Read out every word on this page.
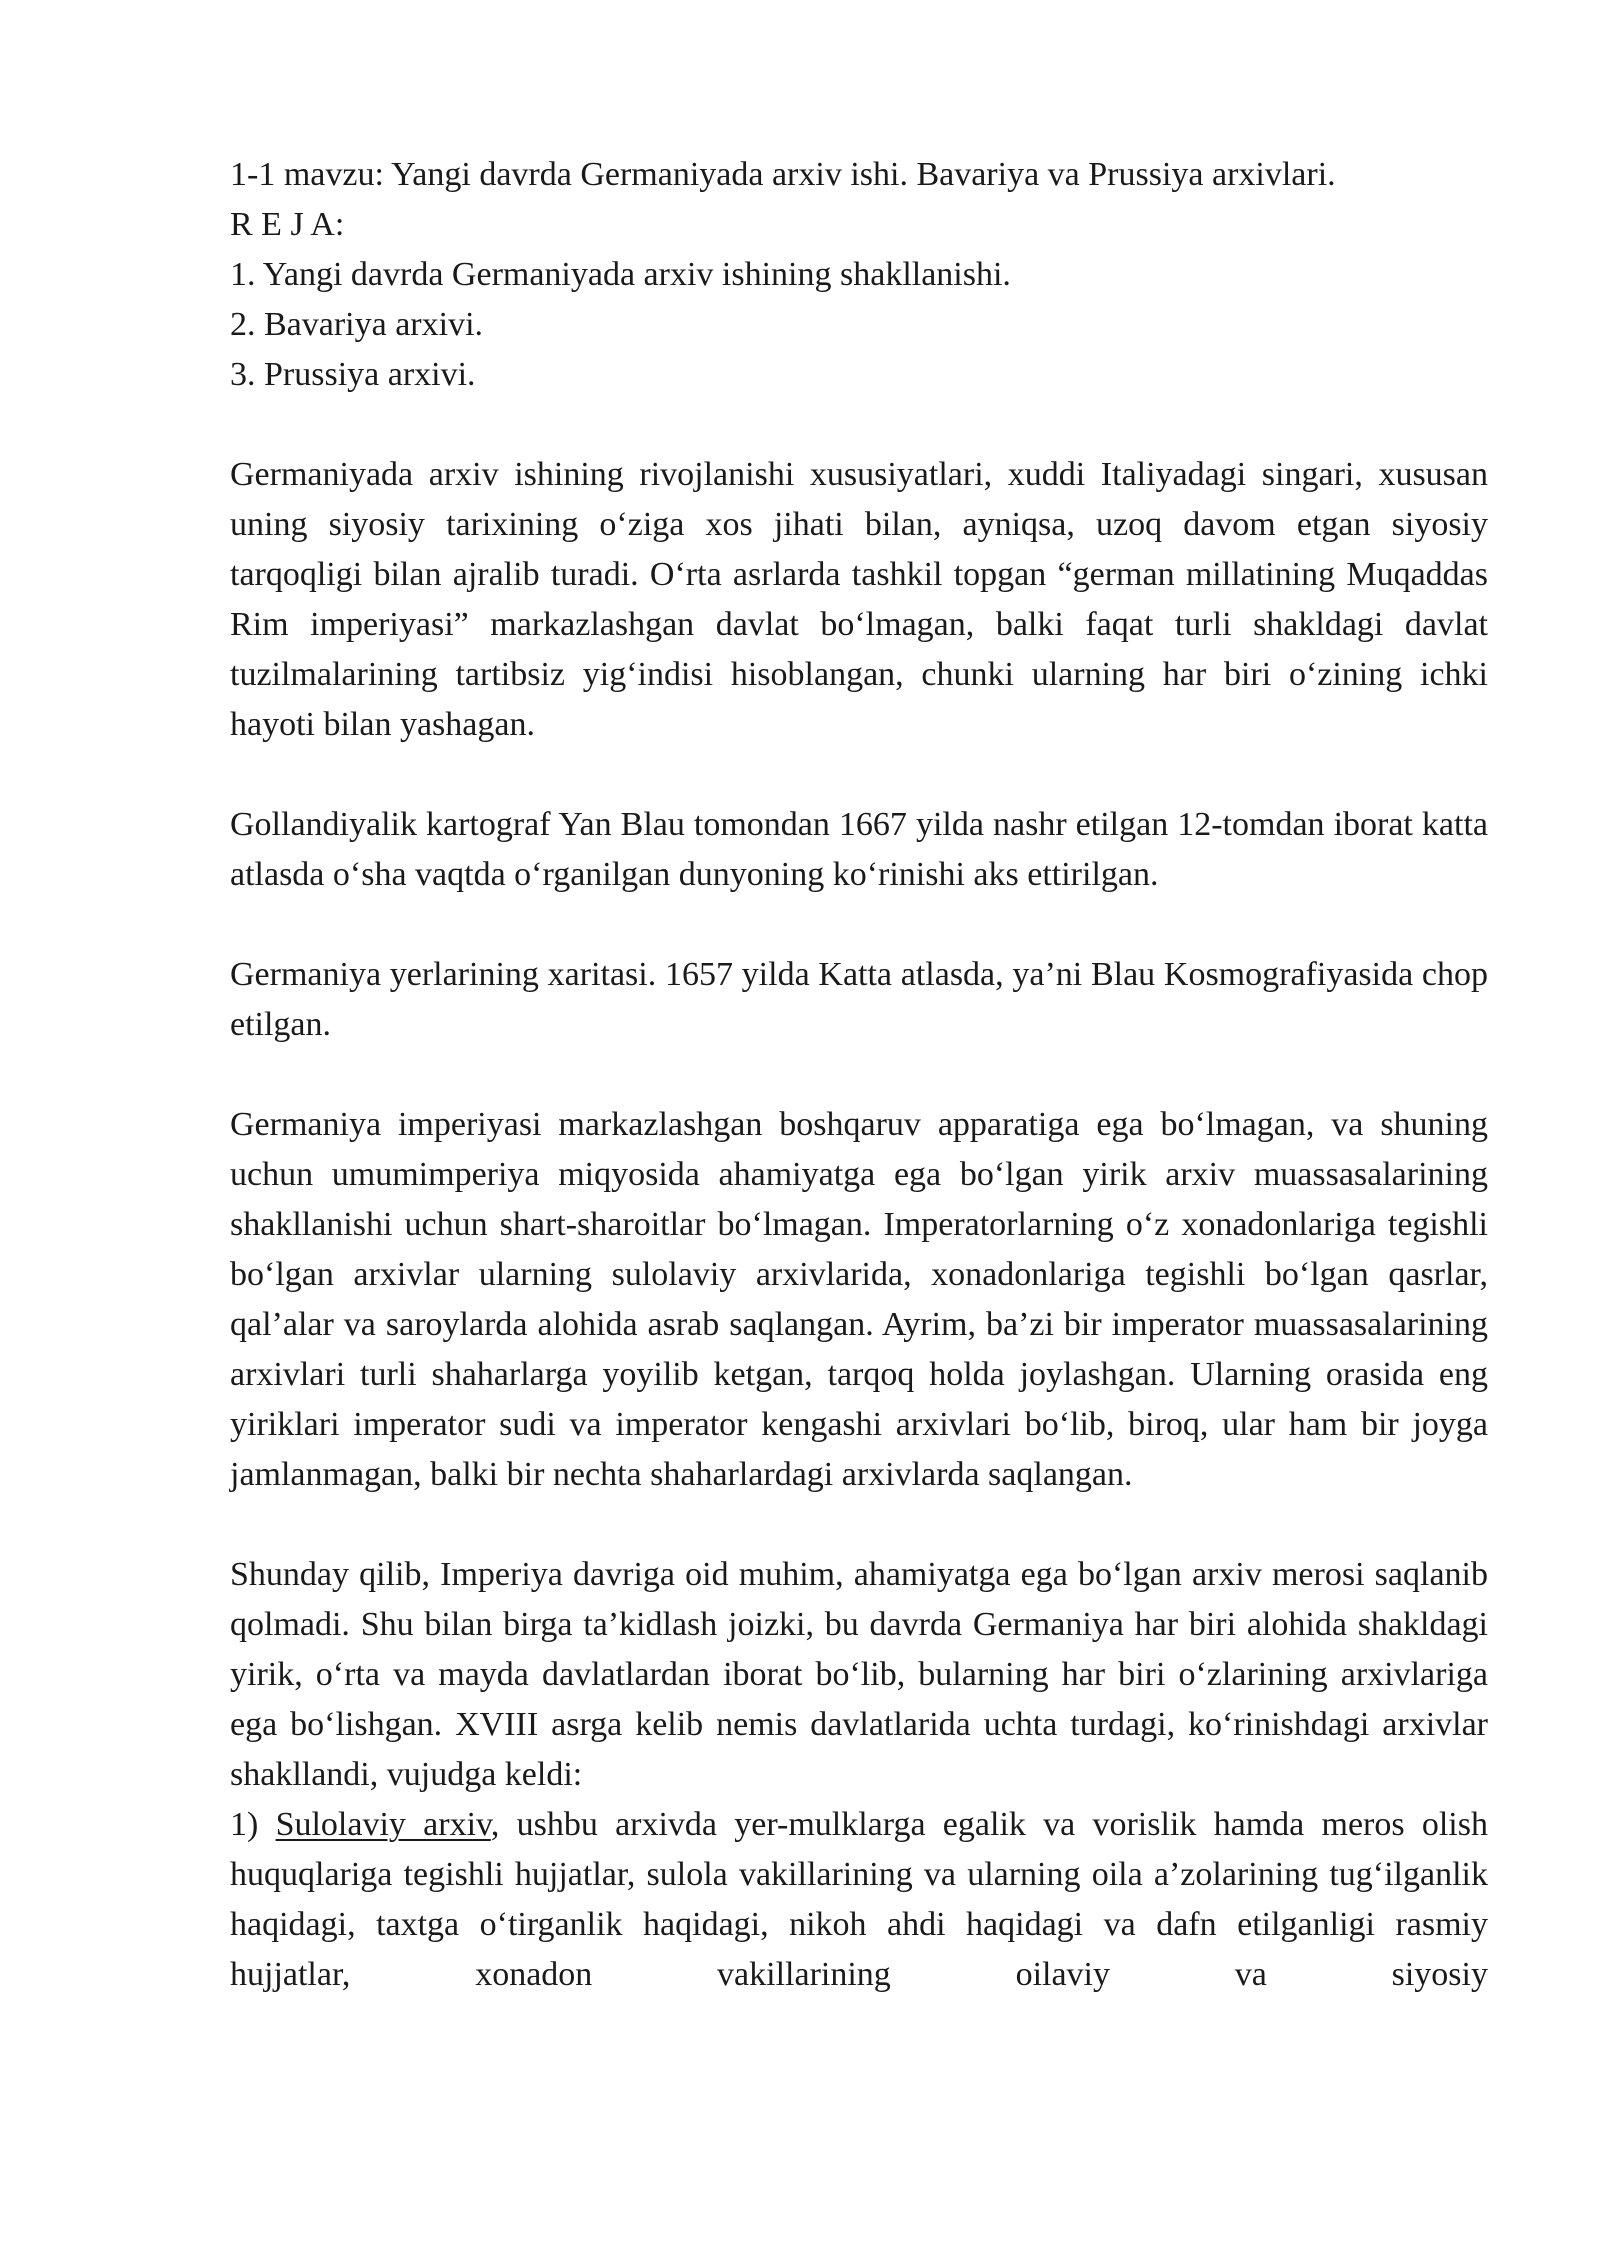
1-1 mavzu: Yangi davrda Germaniyada arxiv ishi. Bavariya va Prussiya arxivlari.

R E J A:

1. Yangi davrda Germaniyada arxiv ishining shakllanishi.

2. Bavariya arxivi.

3. Prussiya arxivi.

Germaniyada arxiv ishining rivojlanishi xususiyatlari, xuddi Italiyadagi singari, xususan uning siyosiy tarixining o‘ziga xos jihati bilan, ayniqsa, uzoq davom etgan siyosiy tarqoqligi bilan ajralib turadi. O‘rta asrlarda tashkil topgan “german millatining Muqaddas Rim imperiyasi” markazlashgan davlat bo‘lmagan, balki faqat turli shakldagi davlat tuzilmalarining tartibsiz yig‘indisi hisoblangan, chunki ularning har biri o‘zining ichki hayoti bilan yashagan.

Gollandiyalik kartograf Yan Blau tomondan 1667 yilda nashr etilgan 12-tomdan iborat katta atlasda o‘sha vaqtda o‘rganilgan dunyoning ko‘rinishi aks ettirilgan.

Germaniya yerlarining xaritasi. 1657 yilda Katta atlasda, ya’ni Blau Kosmografiyasida chop etilgan.

Germaniya imperiyasi markazlashgan boshqaruv apparatiga ega bo‘lmagan, va shuning uchun umumimperiya miqyosida ahamiyatga ega bo‘lgan yirik arxiv muassasalarining shakllanishi uchun shart-sharoitlar bo‘lmagan. Imperatorlarning o‘z xonadonlariga tegishli bo‘lgan arxivlar ularning sulolaviy arxivlarida, xonadonlariga tegishli bo‘lgan qasrlar, qal’alar va saroylarda alohida asrab saqlangan. Ayrim, ba’zi bir imperator muassasalarining arxivlari turli shaharlarga yoyilib ketgan, tarqoq holda joylashgan. Ularning orasida eng yiriklari imperator sudi va imperator kengashi arxivlari bo‘lib, biroq, ular ham bir joyga jamlanmagan, balki bir nechta shaharlardagi arxivlarda saqlangan.

Shunday qilib, Imperiya davriga oid muhim, ahamiyatga ega bo‘lgan arxiv merosi saqlanib qolmadi. Shu bilan birga ta’kidlash joizki, bu davrda Germaniya har biri alohida shakldagi yirik, o‘rta va mayda davlatlardan iborat bo‘lib, bularning har biri o‘zlarining arxivlariga ega bo‘lishgan. XVIII asrga kelib nemis davlatlarida uchta turdagi, ko‘rinishdagi arxivlar shakllandi, vujudga keldi:

1) Sulolaviy arxiv, ushbu arxivda yer-mulklarga egalik va vorislik hamda meros olish huquqlariga tegishli hujjatlar, sulola vakillarining va ularning oila a’zolarining tug‘ilganlik haqidagi, taxtga o‘tirganlik haqidagi, nikoh ahdi haqidagi va dafn etilganligi rasmiy hujjatlar, xonadon vakillarining oilaviy va siyosiy
